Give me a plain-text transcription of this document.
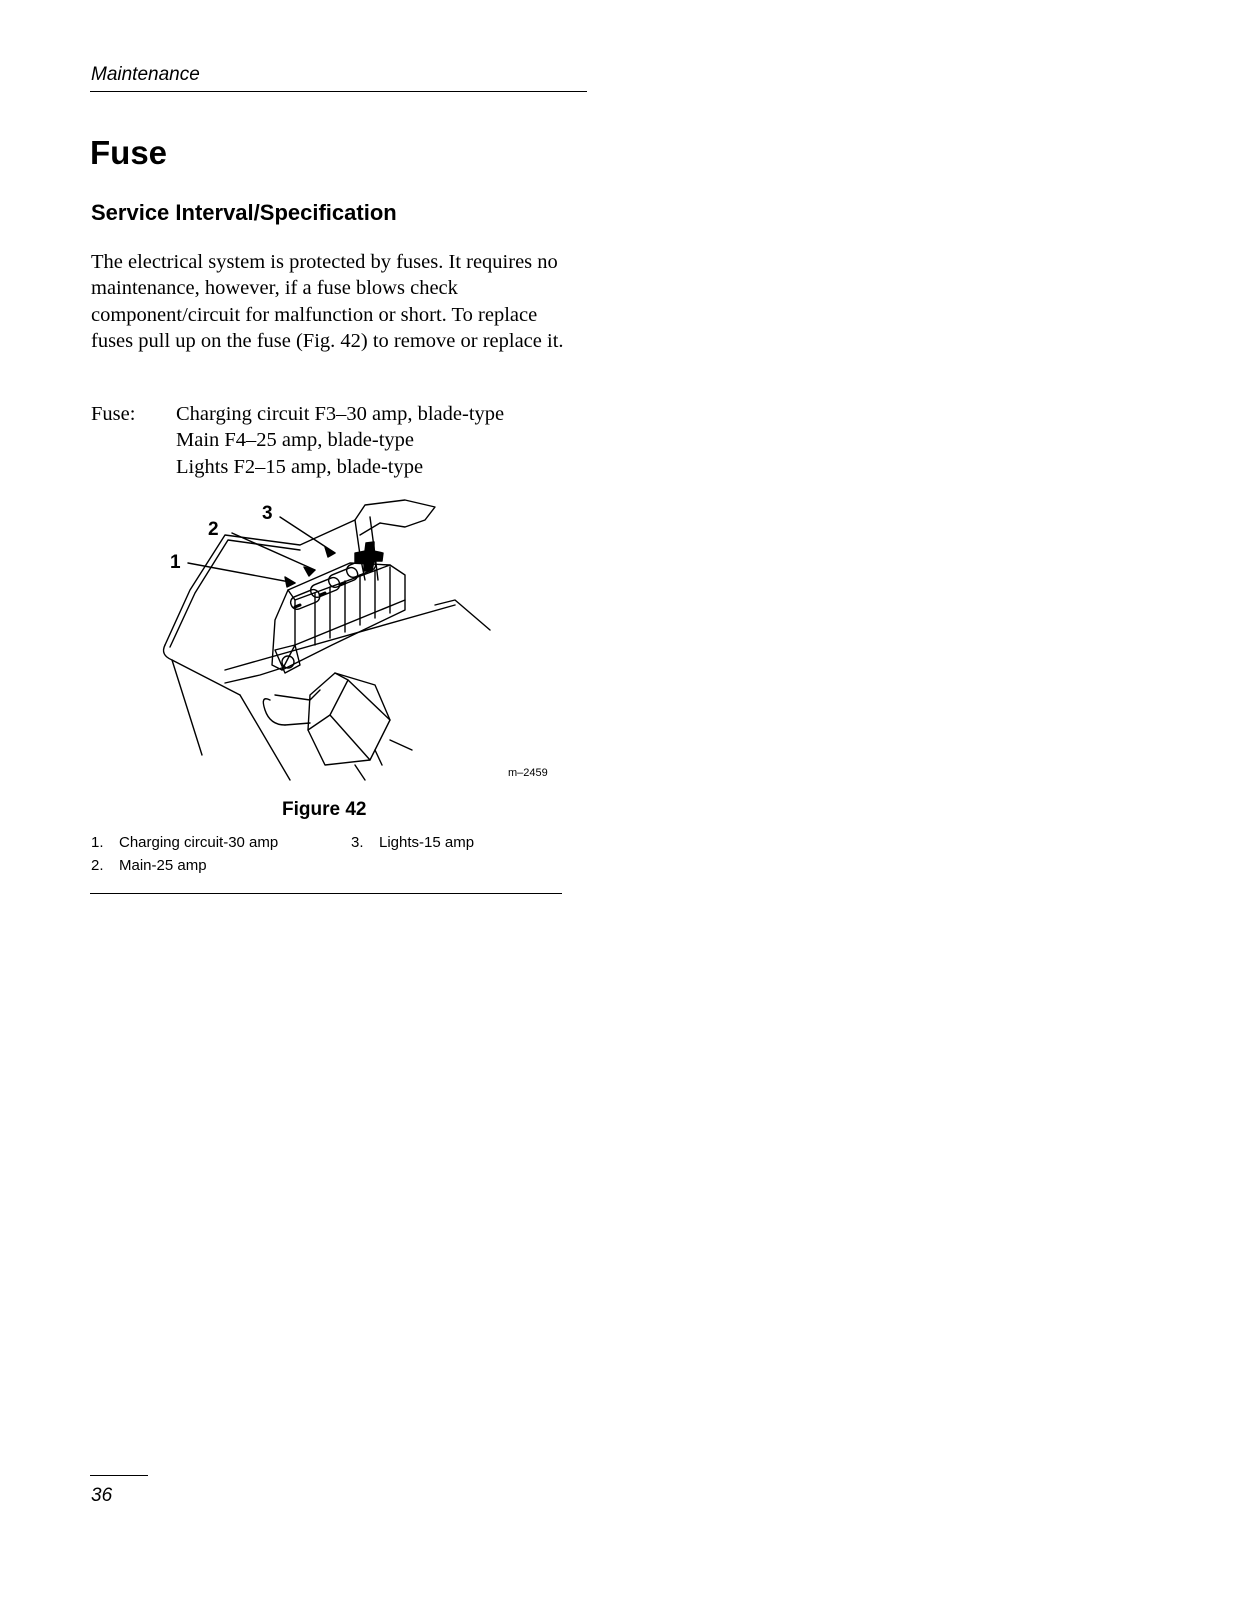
Maintenance
Fuse
Service Interval/Specification

The electrical system is protected by fuses. It requires no maintenance, however, if a fuse blows check component/circuit for malfunction or short. To replace fuses pull up on the fuse (Fig. 42) to remove or replace it.

Fuse: Charging circuit F3–30 amp, blade-type
Main F4–25 amp, blade-type
Lights F2–15 amp, blade-type
1
2
3
m–2459
Figure 42
1. Charging circuit-30 amp
2. Main-25 amp
3. Lights-15 amp
36
